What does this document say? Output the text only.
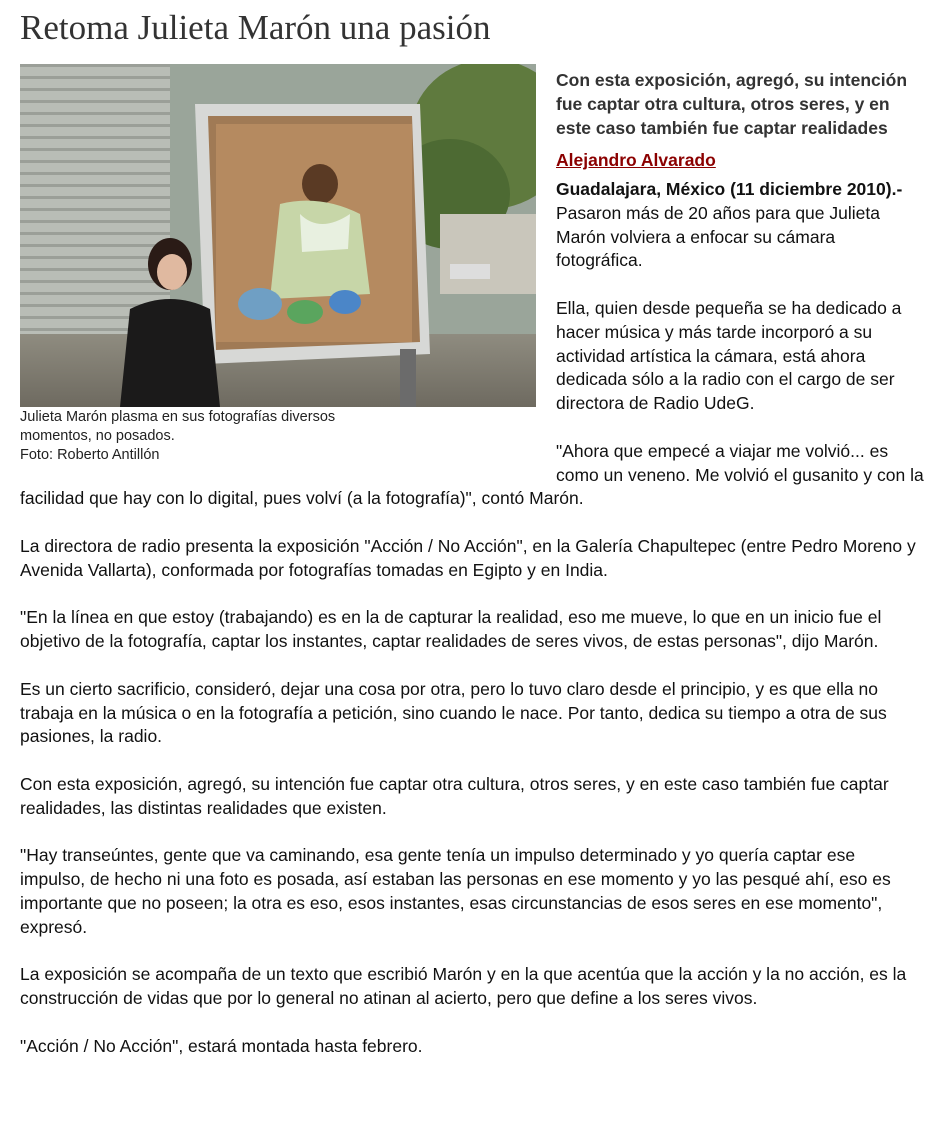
Retoma Julieta Marón una pasión
Julieta Marón plasma en sus fotografías diversos momentos, no posados.
Foto: Roberto Antillón
Con esta exposición, agregó, su intención fue captar otra cultura, otros seres, y en este caso también fue captar realidades
Alejandro Alvarado

Guadalajara, México (11 diciembre 2010).- Pasaron más de 20 años para que Julieta Marón volviera a enfocar su cámara fotográfica.

Ella, quien desde pequeña se ha dedicado a hacer música y más tarde incorporó a su actividad artística la cámara, está ahora dedicada sólo a la radio con el cargo de ser directora de Radio UdeG.

"Ahora que empecé a viajar me volvió... es como un veneno. Me volvió el gusanito y con la facilidad que hay con lo digital, pues volví (a la fotografía)", contó Marón.

La directora de radio presenta la exposición "Acción / No Acción", en la Galería Chapultepec (entre Pedro Moreno y Avenida Vallarta), conformada por fotografías tomadas en Egipto y en India.

"En la línea en que estoy (trabajando) es en la de capturar la realidad, eso me mueve, lo que en un inicio fue el objetivo de la fotografía, captar los instantes, captar realidades de seres vivos, de estas personas", dijo Marón.

Es un cierto sacrificio, consideró, dejar una cosa por otra, pero lo tuvo claro desde el principio, y es que ella no trabaja en la música o en la fotografía a petición, sino cuando le nace. Por tanto, dedica su tiempo a otra de sus pasiones, la radio.

Con esta exposición, agregó, su intención fue captar otra cultura, otros seres, y en este caso también fue captar realidades, las distintas realidades que existen.

"Hay transeúntes, gente que va caminando, esa gente tenía un impulso determinado y yo quería captar ese impulso, de hecho ni una foto es posada, así estaban las personas en ese momento y yo las pesqué ahí, eso es importante que no poseen; la otra es eso, esos instantes, esas circunstancias de esos seres en ese momento", expresó.

La exposición se acompaña de un texto que escribió Marón y en la que acentúa que la acción y la no acción, es la construcción de vidas que por lo general no atinan al acierto, pero que define a los seres vivos.

"Acción / No Acción", estará montada hasta febrero.
